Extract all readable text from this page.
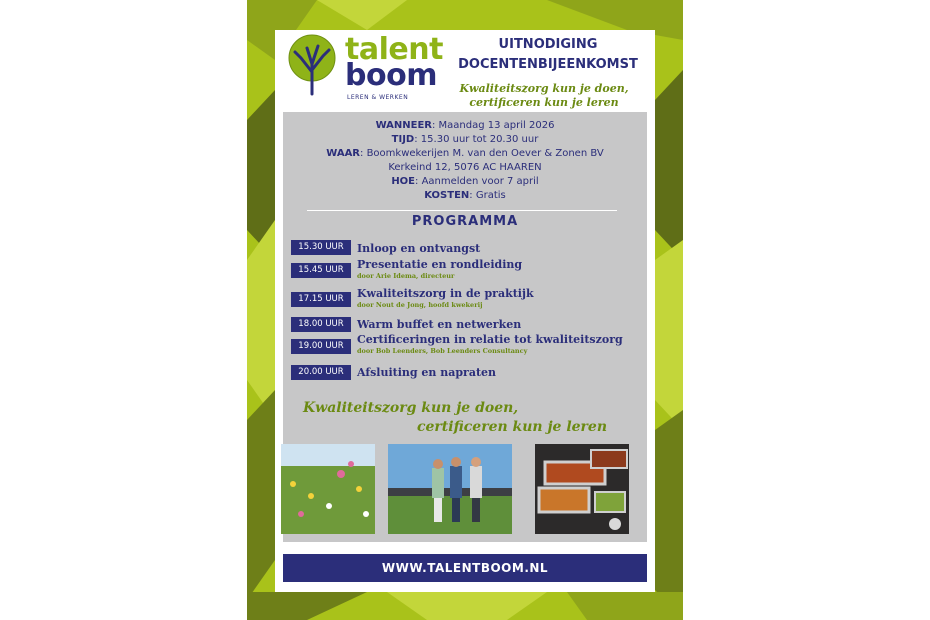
talent
boom
LEREN & WERKEN
UITNODIGING
DOCENTENBIJEENKOMST
Kwaliteitszorg kun je doen,
certificeren kun je leren
WANNEER: Maandag 13 april 2026
TIJD: 15.30 uur tot 20.30 uur
WAAR: Boomkwekerijen M. van den Oever & Zonen BV
Kerkeind 12, 5076 AC HAAREN
HOE: Aanmelden voor 7 april
KOSTEN: Gratis
PROGRAMMA
15.30 UUR	Inloop en ontvangst
15.45 UUR	Presentatie en rondleiding
door Arie Idema, directeur
17.15 UUR	Kwaliteitszorg in de praktijk
door Nout de Jong, hoofd kwekerij
18.00 UUR	Warm buffet en netwerken
19.00 UUR	Certificeringen in relatie tot kwaliteitszorg
door Bob Leenders, Bob Leenders Consultancy
20.00 UUR	Afsluiting en napraten
Kwaliteitszorg kun je doen,
certificeren kun je leren
WWW.TALENTBOOM.NL
